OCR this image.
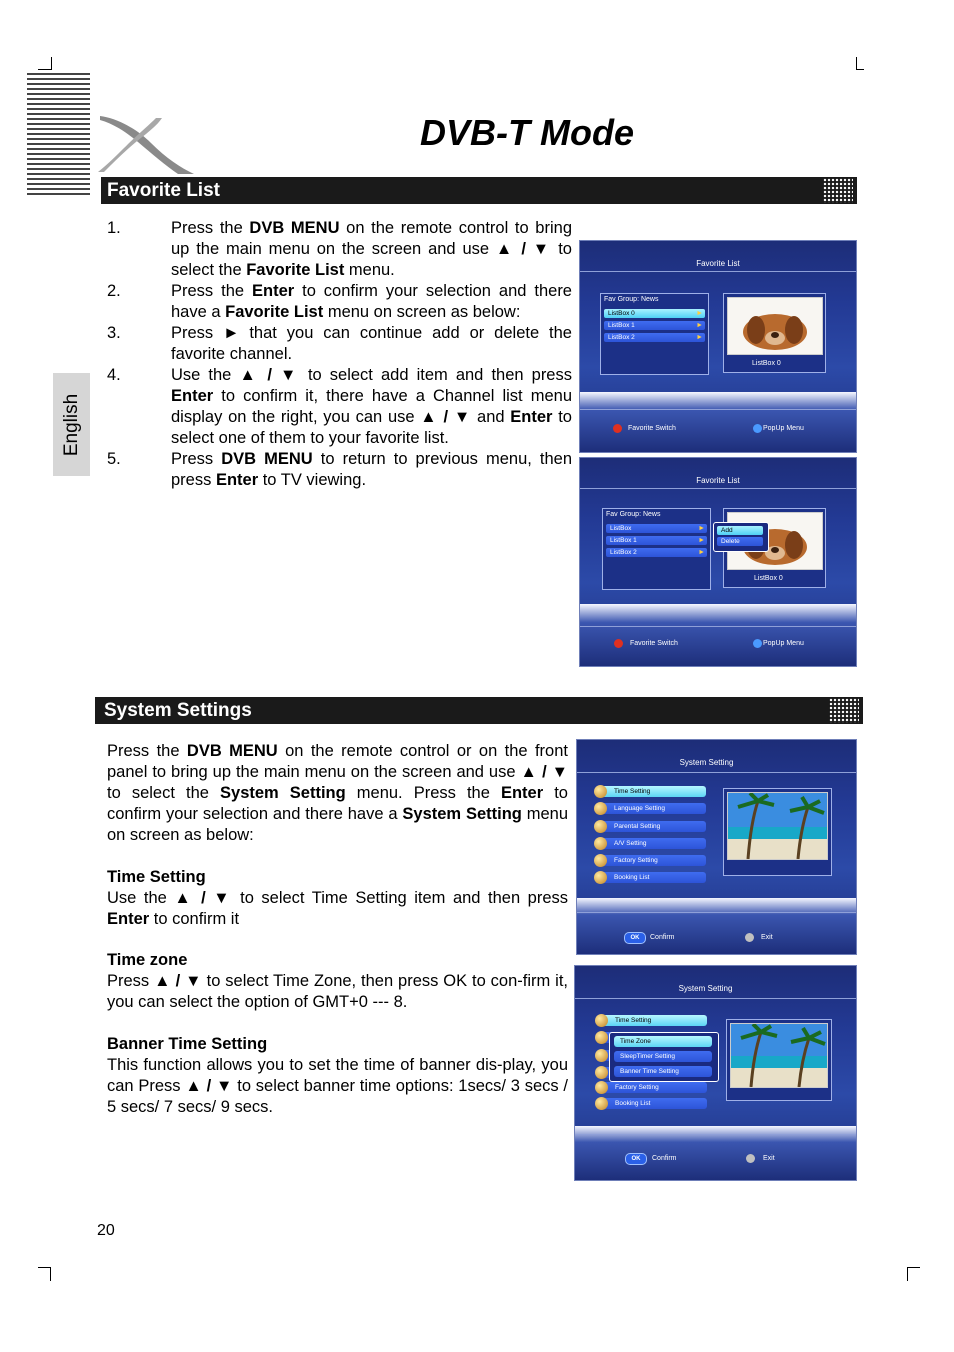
DVB-T Mode
Favorite List
English
1.	Press the DVB MENU on the remote control to bring up the main menu on the screen and use ▲ / ▼ to select the Favorite List menu.
2.	Press the Enter to confirm your selection and there have a Favorite List menu on screen as below:
3.	Press ► that you can continue add or delete the favorite channel.
4.	Use the ▲ / ▼ to select add item and then press Enter to confirm it, there have a Channel list menu display on the right, you can use ▲ / ▼ and Enter to select one of them to your favorite list.
5.	Press DVB MENU to return to previous menu, then press Enter to TV viewing.
Favorite List
Fav Group: News
ListBox 0	►
ListBox 1	►
ListBox 2	►
ListBox 0
Favorite Switch	PopUp Menu
Favorite List
Fav Group: News
ListBox	►
ListBox 1	►
ListBox 2	►
ListBox 0
Add
Delete
Favorite Switch	PopUp Menu
System Settings
Press the DVB MENU on the remote control or on the front panel to bring up the main menu on the screen and use ▲ / ▼ to select the System Setting menu. Press the Enter to confirm your selection and there have a System Setting menu on screen as below:
Time Setting
Use the ▲ / ▼ to select Time Setting item and then press Enter to confirm it
Time zone
Press ▲ / ▼ to select Time Zone, then press OK to con-firm it, you can select the option of GMT+0 --- 8.
Banner Time Setting
This function allows you to set the time of banner dis-play, you can Press ▲ / ▼ to select banner time options: 1secs/ 3 secs / 5 secs/ 7 secs/ 9 secs.
System Setting
Time Setting
Language Setting
Parental Setting
A/V Setting
Factory Setting
Booking List
OK	Confirm	Exit
System Setting
Time Setting
Factory Setting
Booking List
Time Zone
SleepTimer Setting
Banner Time Setting
OK	Confirm	Exit
20
